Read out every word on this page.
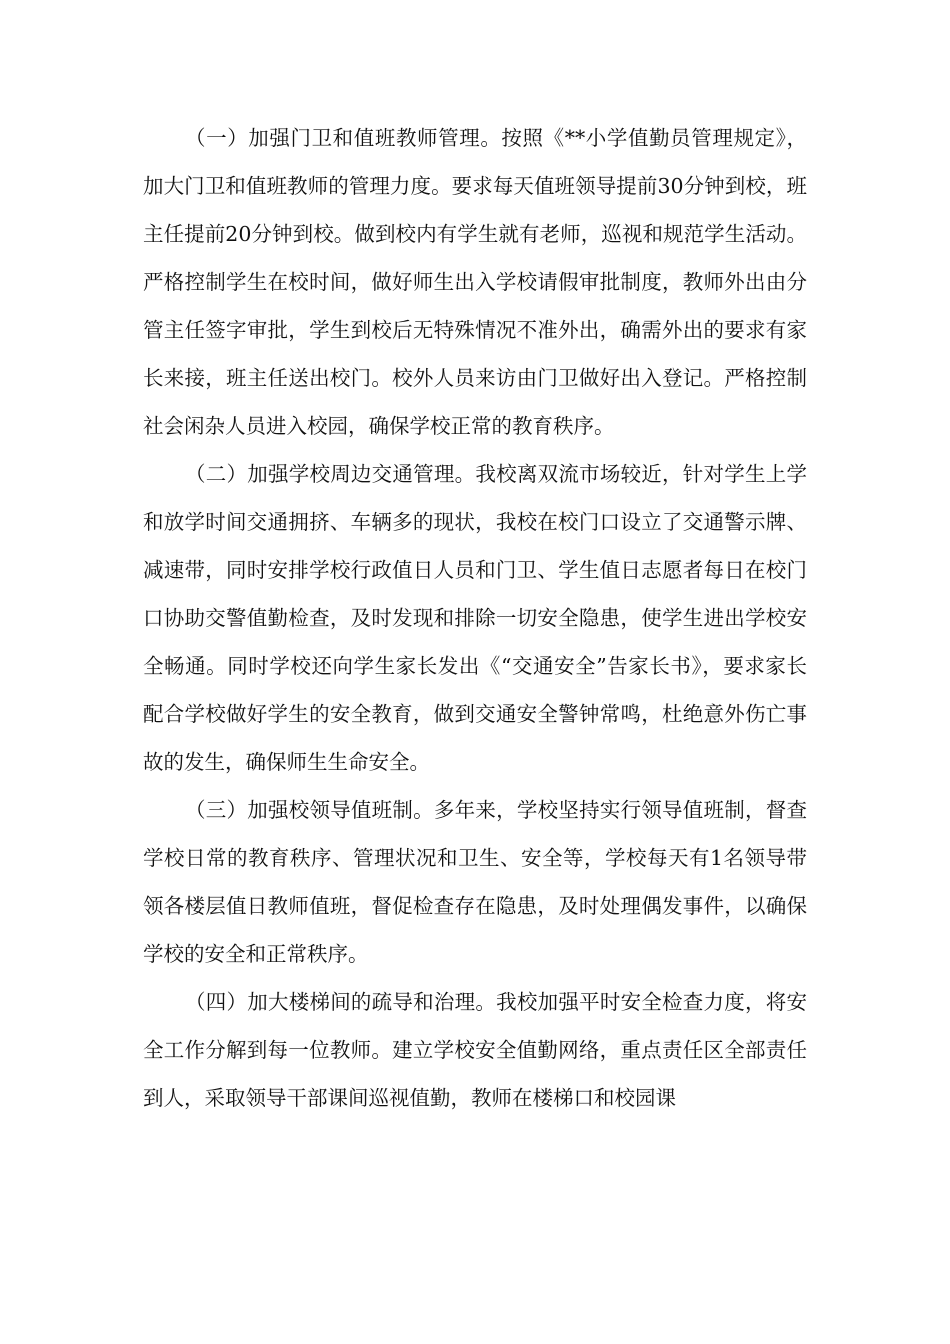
（一）加强门卫和值班教师管理。按照《**小学值勤员管理规定》，加大门卫和值班教师的管理力度。要求每天值班领导提前30分钟到校，班主任提前20分钟到校。做到校内有学生就有老师，巡视和规范学生活动。严格控制学生在校时间，做好师生出入学校请假审批制度，教师外出由分管主任签字审批，学生到校后无特殊情况不准外出，确需外出的要求有家长来接，班主任送出校门。校外人员来访由门卫做好出入登记。严格控制社会闲杂人员进入校园，确保学校正常的教育秩序。

（二）加强学校周边交通管理。我校离双流市场较近，针对学生上学和放学时间交通拥挤、车辆多的现状，我校在校门口设立了交通警示牌、减速带，同时安排学校行政值日人员和门卫、学生值日志愿者每日在校门口协助交警值勤检查，及时发现和排除一切安全隐患，使学生进出学校安全畅通。同时学校还向学生家长发出《“交通安全”告家长书》，要求家长配合学校做好学生的安全教育，做到交通安全警钟常鸣，杜绝意外伤亡事故的发生，确保师生生命安全。

（三）加强校领导值班制。多年来，学校坚持实行领导值班制，督查学校日常的教育秩序、管理状况和卫生、安全等，学校每天有1名领导带领各楼层值日教师值班，督促检查存在隐患，及时处理偶发事件，以确保学校的安全和正常秩序。

（四）加大楼梯间的疏导和治理。我校加强平时安全检查力度，将安全工作分解到每一位教师。建立学校安全值勤网络，重点责任区全部责任到人，采取领导干部课间巡视值勤，教师在楼梯口和校园课
